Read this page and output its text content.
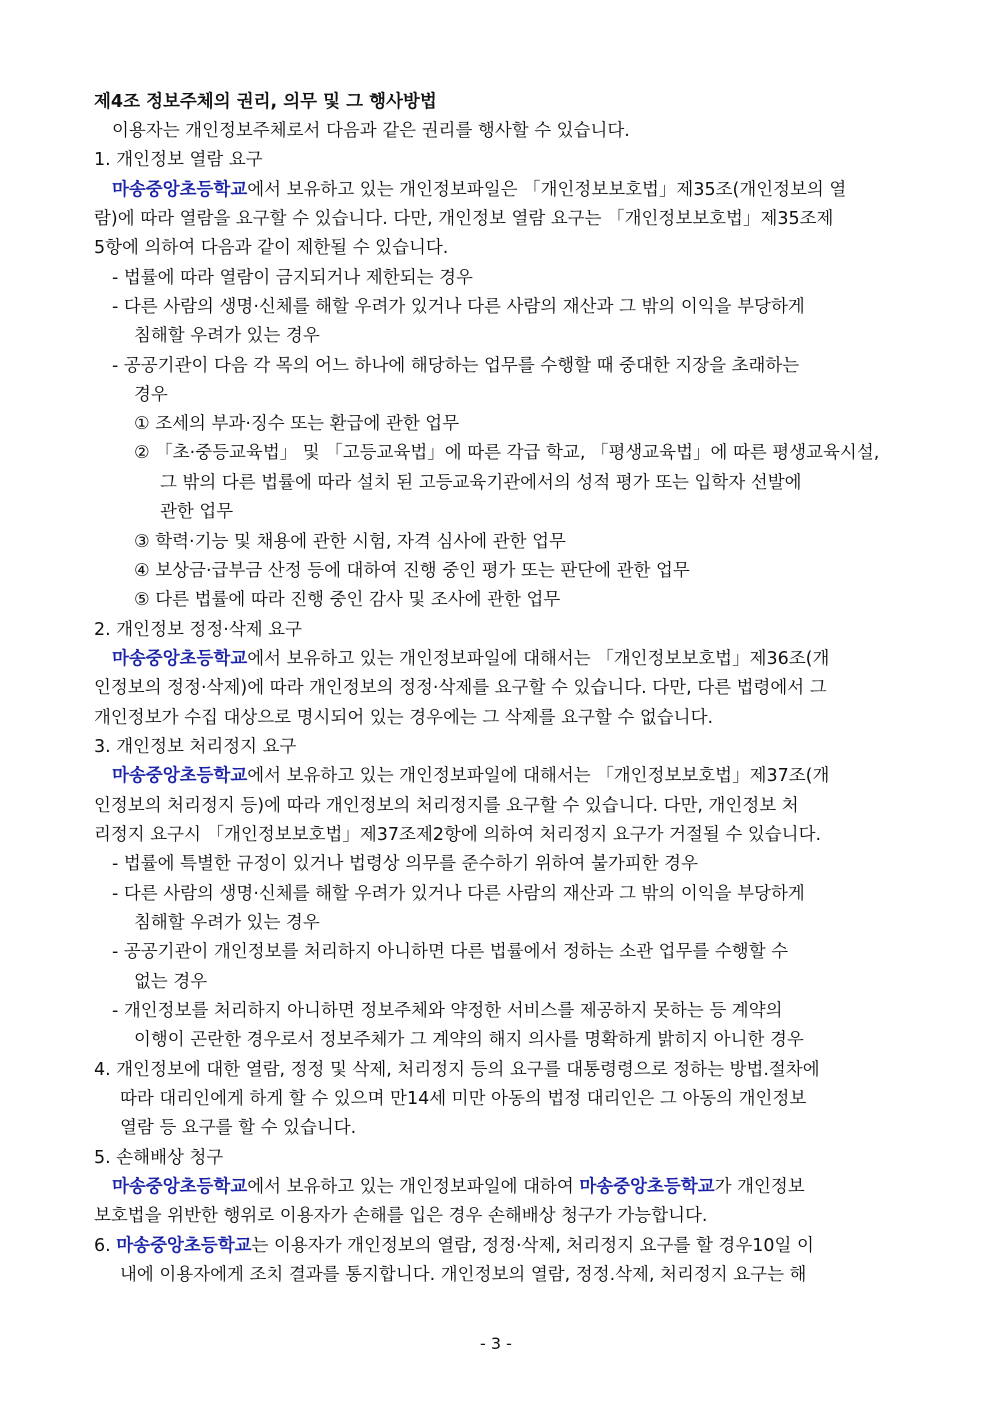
제4조 정보주체의 권리, 의무 및 그 행사방법
이용자는 개인정보주체로서 다음과 같은 권리를 행사할 수 있습니다.
1. 개인정보 열람 요구
마송중앙초등학교에서 보유하고 있는 개인정보파일은 「개인정보보호법」제35조(개인정보의 열
람)에 따라 열람을 요구할 수 있습니다. 다만, 개인정보 열람 요구는 「개인정보보호법」제35조제
5항에 의하여 다음과 같이 제한될 수 있습니다.
- 법률에 따라 열람이 금지되거나 제한되는 경우
- 다른 사람의 생명·신체를 해할 우려가 있거나 다른 사람의 재산과 그 밖의 이익을 부당하게
침해할 우려가 있는 경우
- 공공기관이 다음 각 목의 어느 하나에 해당하는 업무를 수행할 때 중대한 지장을 초래하는
경우
① 조세의 부과·징수 또는 환급에 관한 업무
② 「초·중등교육법」 및 「고등교육법」에 따른 각급 학교, 「평생교육법」에 따른 평생교육시설,
그 밖의 다른 법률에 따라 설치 된 고등교육기관에서의 성적 평가 또는 입학자 선발에
관한 업무
③ 학력·기능 및 채용에 관한 시험, 자격 심사에 관한 업무
④ 보상금·급부금 산정 등에 대하여 진행 중인 평가 또는 판단에 관한 업무
⑤ 다른 법률에 따라 진행 중인 감사 및 조사에 관한 업무
2. 개인정보 정정·삭제 요구
마송중앙초등학교에서 보유하고 있는 개인정보파일에 대해서는 「개인정보보호법」제36조(개
인정보의 정정·삭제)에 따라 개인정보의 정정·삭제를 요구할 수 있습니다. 다만, 다른 법령에서 그
개인정보가 수집 대상으로 명시되어 있는 경우에는 그 삭제를 요구할 수 없습니다.
3. 개인정보 처리정지 요구
마송중앙초등학교에서 보유하고 있는 개인정보파일에 대해서는 「개인정보보호법」제37조(개
인정보의 처리정지 등)에 따라 개인정보의 처리정지를 요구할 수 있습니다. 다만, 개인정보 처
리정지 요구시 「개인정보보호법」제37조제2항에 의하여 처리정지 요구가 거절될 수 있습니다.
- 법률에 특별한 규정이 있거나 법령상 의무를 준수하기 위하여 불가피한 경우
- 다른 사람의 생명·신체를 해할 우려가 있거나 다른 사람의 재산과 그 밖의 이익을 부당하게
침해할 우려가 있는 경우
- 공공기관이 개인정보를 처리하지 아니하면 다른 법률에서 정하는 소관 업무를 수행할 수
없는 경우
- 개인정보를 처리하지 아니하면 정보주체와 약정한 서비스를 제공하지 못하는 등 계약의
이행이 곤란한 경우로서 정보주체가 그 계약의 해지 의사를 명확하게 밝히지 아니한 경우
4. 개인정보에 대한 열람, 정정 및 삭제, 처리정지 등의 요구를 대통령령으로 정하는 방법.절차에
따라 대리인에게 하게 할 수 있으며 만14세 미만 아동의 법정 대리인은 그 아동의 개인정보
열람 등 요구를 할 수 있습니다.
5. 손해배상 청구
마송중앙초등학교에서 보유하고 있는 개인정보파일에 대하여 마송중앙초등학교가 개인정보
보호법을 위반한 행위로 이용자가 손해를 입은 경우 손해배상 청구가 가능합니다.
6. 마송중앙초등학교는 이용자가 개인정보의 열람, 정정·삭제, 처리정지 요구를 할 경우10일 이
내에 이용자에게 조치 결과를 통지합니다. 개인정보의 열람, 정정.삭제, 처리정지 요구는 해
- 3 -
